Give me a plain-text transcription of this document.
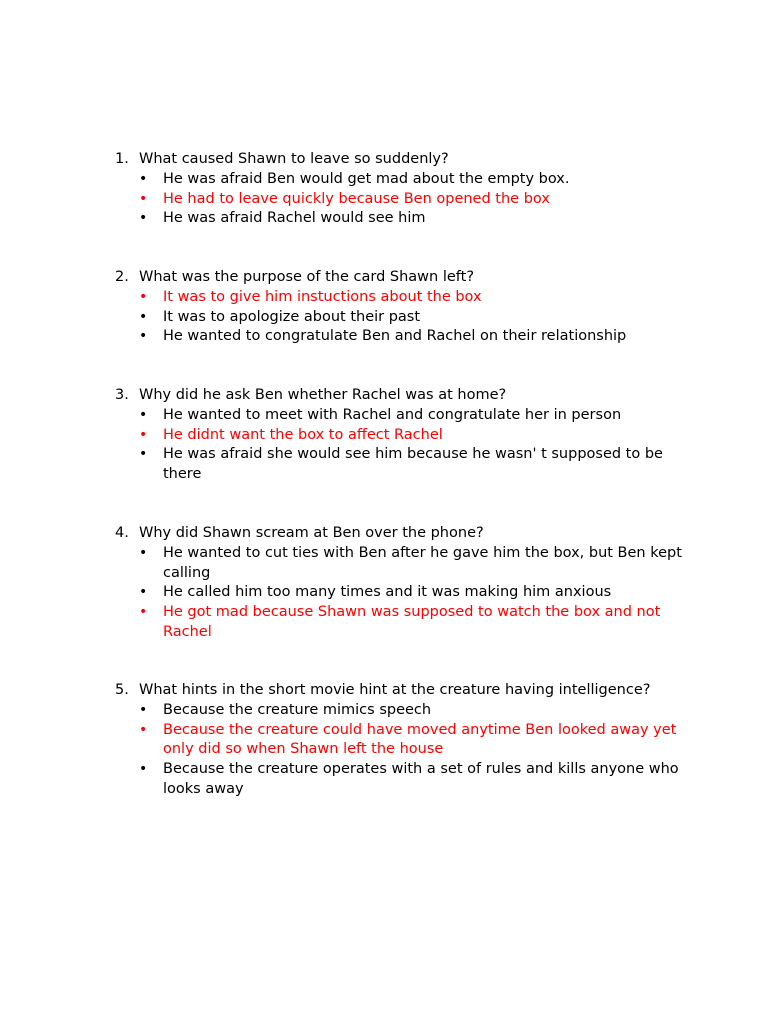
1. What caused Shawn to leave so suddenly?
•	He was afraid Ben would get mad about the empty box.
•	He had to leave quickly because Ben opened the box
•	He was afraid Rachel would see him
2. What was the purpose of the card Shawn left?
•	It was to give him instuctions about the box
•	It was to apologize about their past
•	He wanted to congratulate Ben and Rachel on their relationship
3. Why did he ask Ben whether Rachel was at home?
•	He wanted to meet with Rachel and congratulate her in person
•	He didnt want the box to affect Rachel
•	He was afraid she would see him because he wasn' t supposed to be there
4. Why did Shawn scream at Ben over the phone?
•	He wanted to cut ties with Ben after he gave him the box, but Ben kept calling
•	He called him too many times and it was making him anxious
•	He got mad because Shawn was supposed to watch the box and not Rachel
5. What hints in the short movie hint at the creature having intelligence?
•	Because the creature mimics speech
•	Because the creature could have moved anytime Ben looked away yet only did so when Shawn left the house
•	Because the creature operates with a set of rules and kills anyone who looks away
